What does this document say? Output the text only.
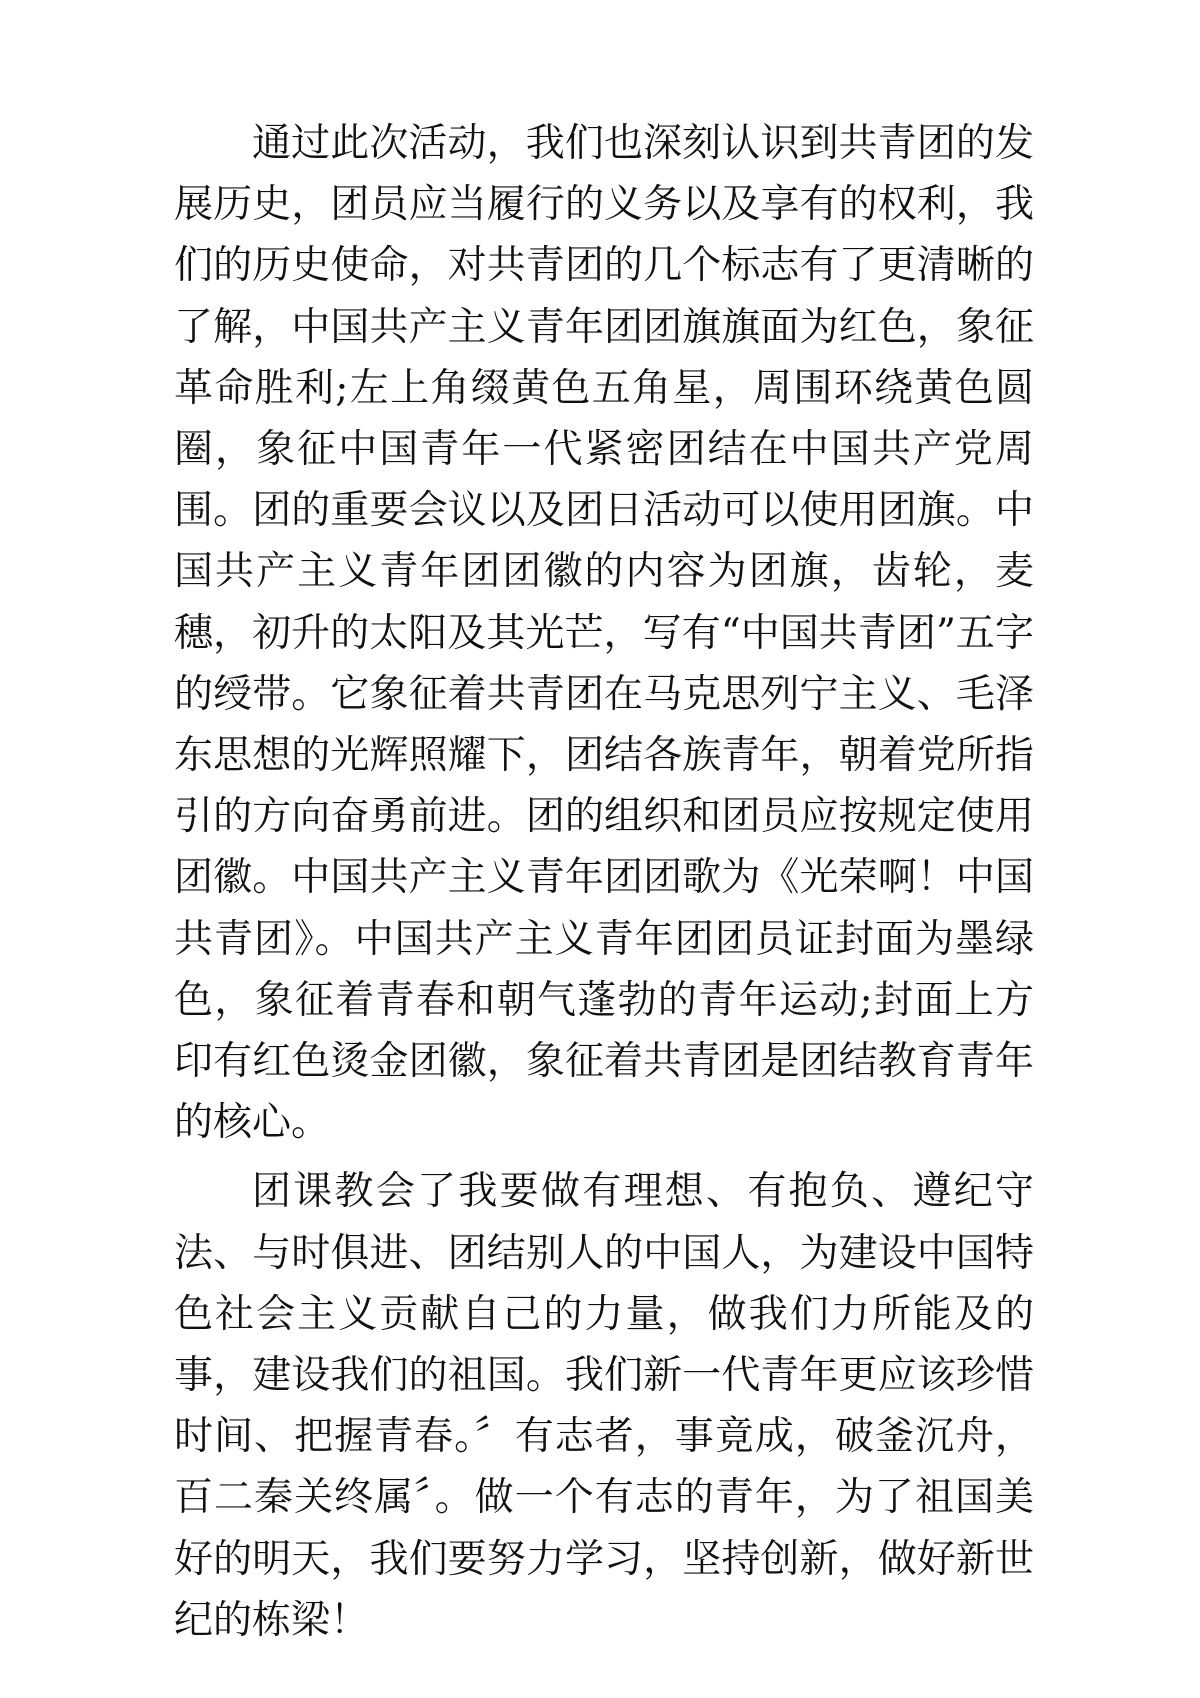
通过此次活动，我们也深刻认识到共青团的发展历史，团员应当履行的义务以及享有的权利，我们的历史使命，对共青团的几个标志有了更清晰的了解，中国共产主义青年团团旗旗面为红色，象征革命胜利;左上角缀黄色五角星，周围环绕黄色圆圈，象征中国青年一代紧密团结在中国共产党周围。团的重要会议以及团日活动可以使用团旗。中国共产主义青年团团徽的内容为团旗，齿轮，麦穗，初升的太阳及其光芒，写有“中国共青团”五字的绶带。它象征着共青团在马克思列宁主义、毛泽东思想的光辉照耀下，团结各族青年，朝着党所指引的方向奋勇前进。团的组织和团员应按规定使用团徽。中国共产主义青年团团歌为《光荣啊！中国共青团》。中国共产主义青年团团员证封面为墨绿色，象征着青春和朝气蓬勃的青年运动;封面上方印有红色烫金团徽，象征着共青团是团结教育青年的核心。

团课教会了我要做有理想、有抱负、遵纪守法、与时俱进、团结别人的中国人，为建设中国特色社会主义贡献自己的力量，做我们力所能及的事，建设我们的祖国。我们新一代青年更应该珍惜时间、把握青春。〞有志者，事竟成，破釜沉舟，百二秦关终属〞。做一个有志的青年，为了祖国美好的明天，我们要努力学习，坚持创新，做好新世纪的栋梁！
